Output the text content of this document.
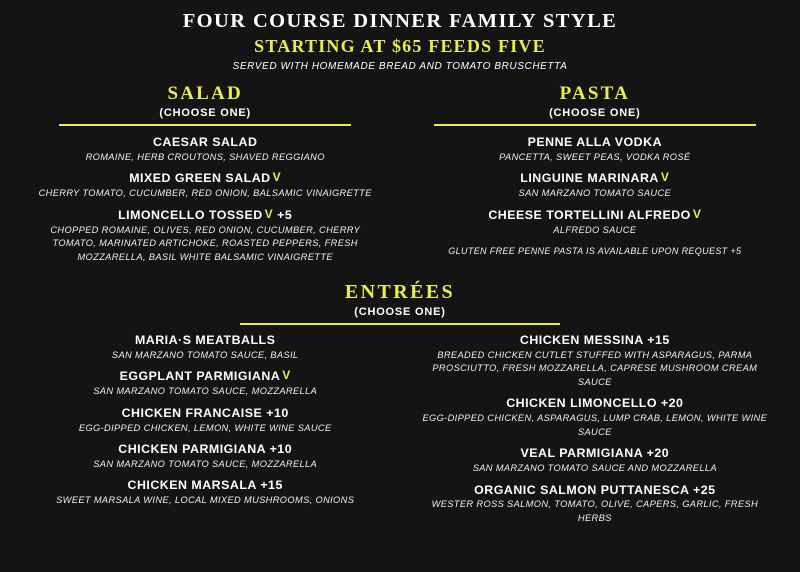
FOUR COURSE DINNER FAMILY STYLE
STARTING AT $65 FEEDS FIVE
SERVED WITH HOMEMADE BREAD AND TOMATO BRUSCHETTA
SALAD
(CHOOSE ONE)
CAESAR SALAD
ROMAINE, HERB CROUTONS, SHAVED REGGIANO
MIXED GREEN SALAD V
CHERRY TOMATO, CUCUMBER, RED ONION, BALSAMIC VINAIGRETTE
LIMONCELLO TOSSED V +5
CHOPPED ROMAINE, OLIVES, RED ONION, CUCUMBER, CHERRY TOMATO, MARINATED ARTICHOKE, ROASTED PEPPERS, FRESH MOZZARELLA, BASIL WHITE BALSAMIC VINAIGRETTE
PASTA
(CHOOSE ONE)
PENNE ALLA VODKA
PANCETTA, SWEET PEAS, VODKA ROSÉ
LINGUINE MARINARA V
SAN MARZANO TOMATO SAUCE
CHEESE TORTELLINI ALFREDO V
ALFREDO SAUCE
GLUTEN FREE PENNE PASTA IS AVAILABLE UPON REQUEST +5
ENTRÉES
(CHOOSE ONE)
MARIA·S MEATBALLS
SAN MARZANO TOMATO SAUCE, BASIL
EGGPLANT PARMIGIANA V
SAN MARZANO TOMATO SAUCE, MOZZARELLA
CHICKEN FRANCAISE +10
EGG-DIPPED CHICKEN, LEMON, WHITE WINE SAUCE
CHICKEN PARMIGIANA +10
SAN MARZANO TOMATO SAUCE, MOZZARELLA
CHICKEN MARSALA +15
SWEET MARSALA WINE, LOCAL MIXED MUSHROOMS, ONIONS
CHICKEN MESSINA +15
BREADED CHICKEN CUTLET STUFFED WITH ASPARAGUS, PARMA PROSCIUTTO, FRESH MOZZARELLA, CAPRESE MUSHROOM CREAM SAUCE
CHICKEN LIMONCELLO +20
EGG-DIPPED CHICKEN, ASPARAGUS, LUMP CRAB, LEMON, WHITE WINE SAUCE
VEAL PARMIGIANA +20
SAN MARZANO TOMATO SAUCE AND MOZZARELLA
ORGANIC SALMON PUTTANESCA +25
WESTER ROSS SALMON, TOMATO, OLIVE, CAPERS, GARLIC, FRESH HERBS
